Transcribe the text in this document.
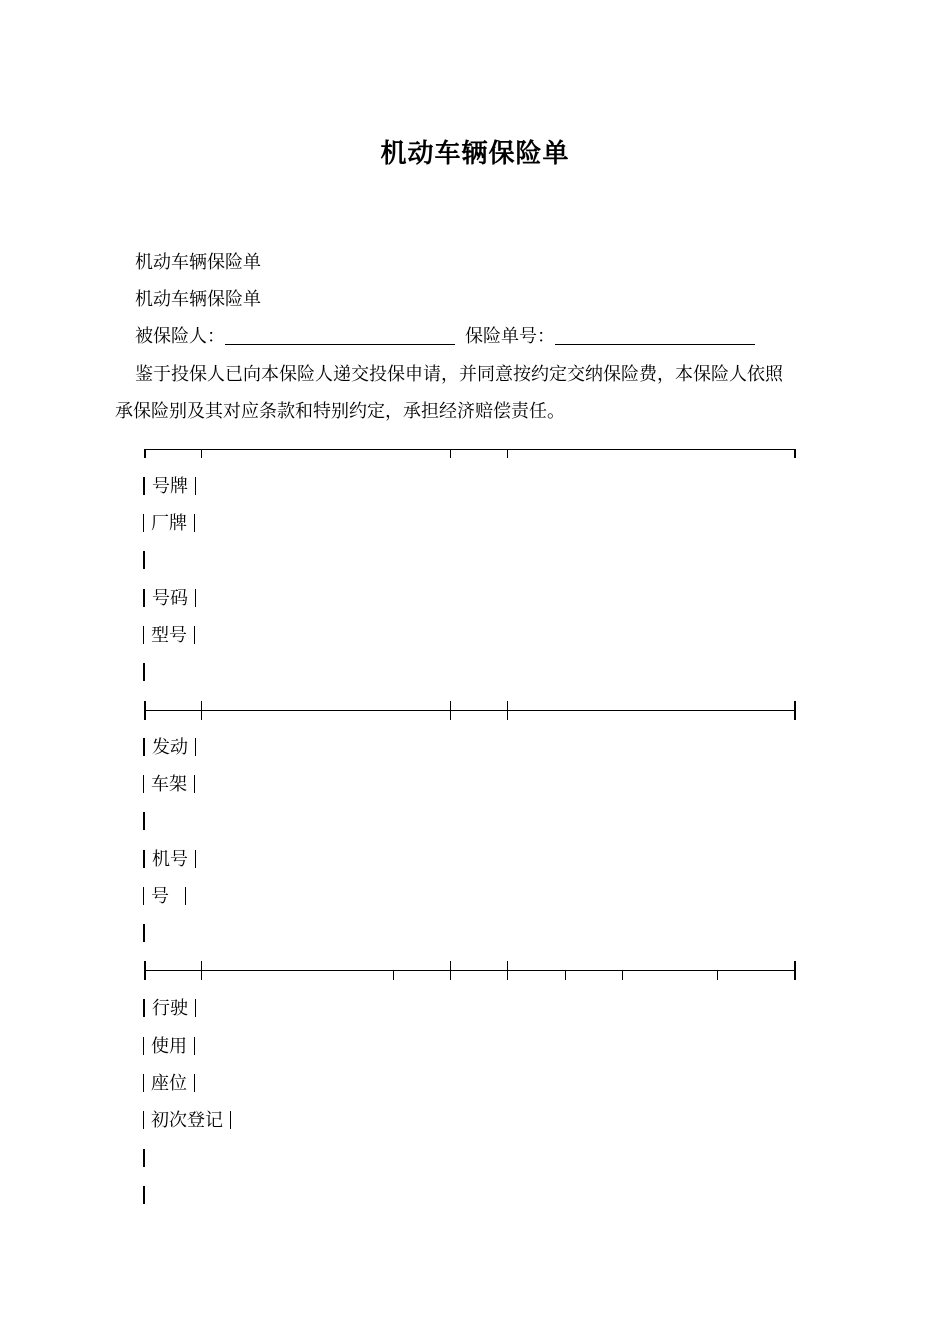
机动车辆保险单
机动车辆保险单
机动车辆保险单
被保险人：	保险单号：
鉴于投保人已向本保险人递交投保申请，并同意按约定交纳保险费，本保险人依照
承保险别及其对应条款和特别约定，承担经济赔偿责任。
号牌
厂牌
号码
型号
发动
车架
机号
号
行驶
使用
座位
初次登记
